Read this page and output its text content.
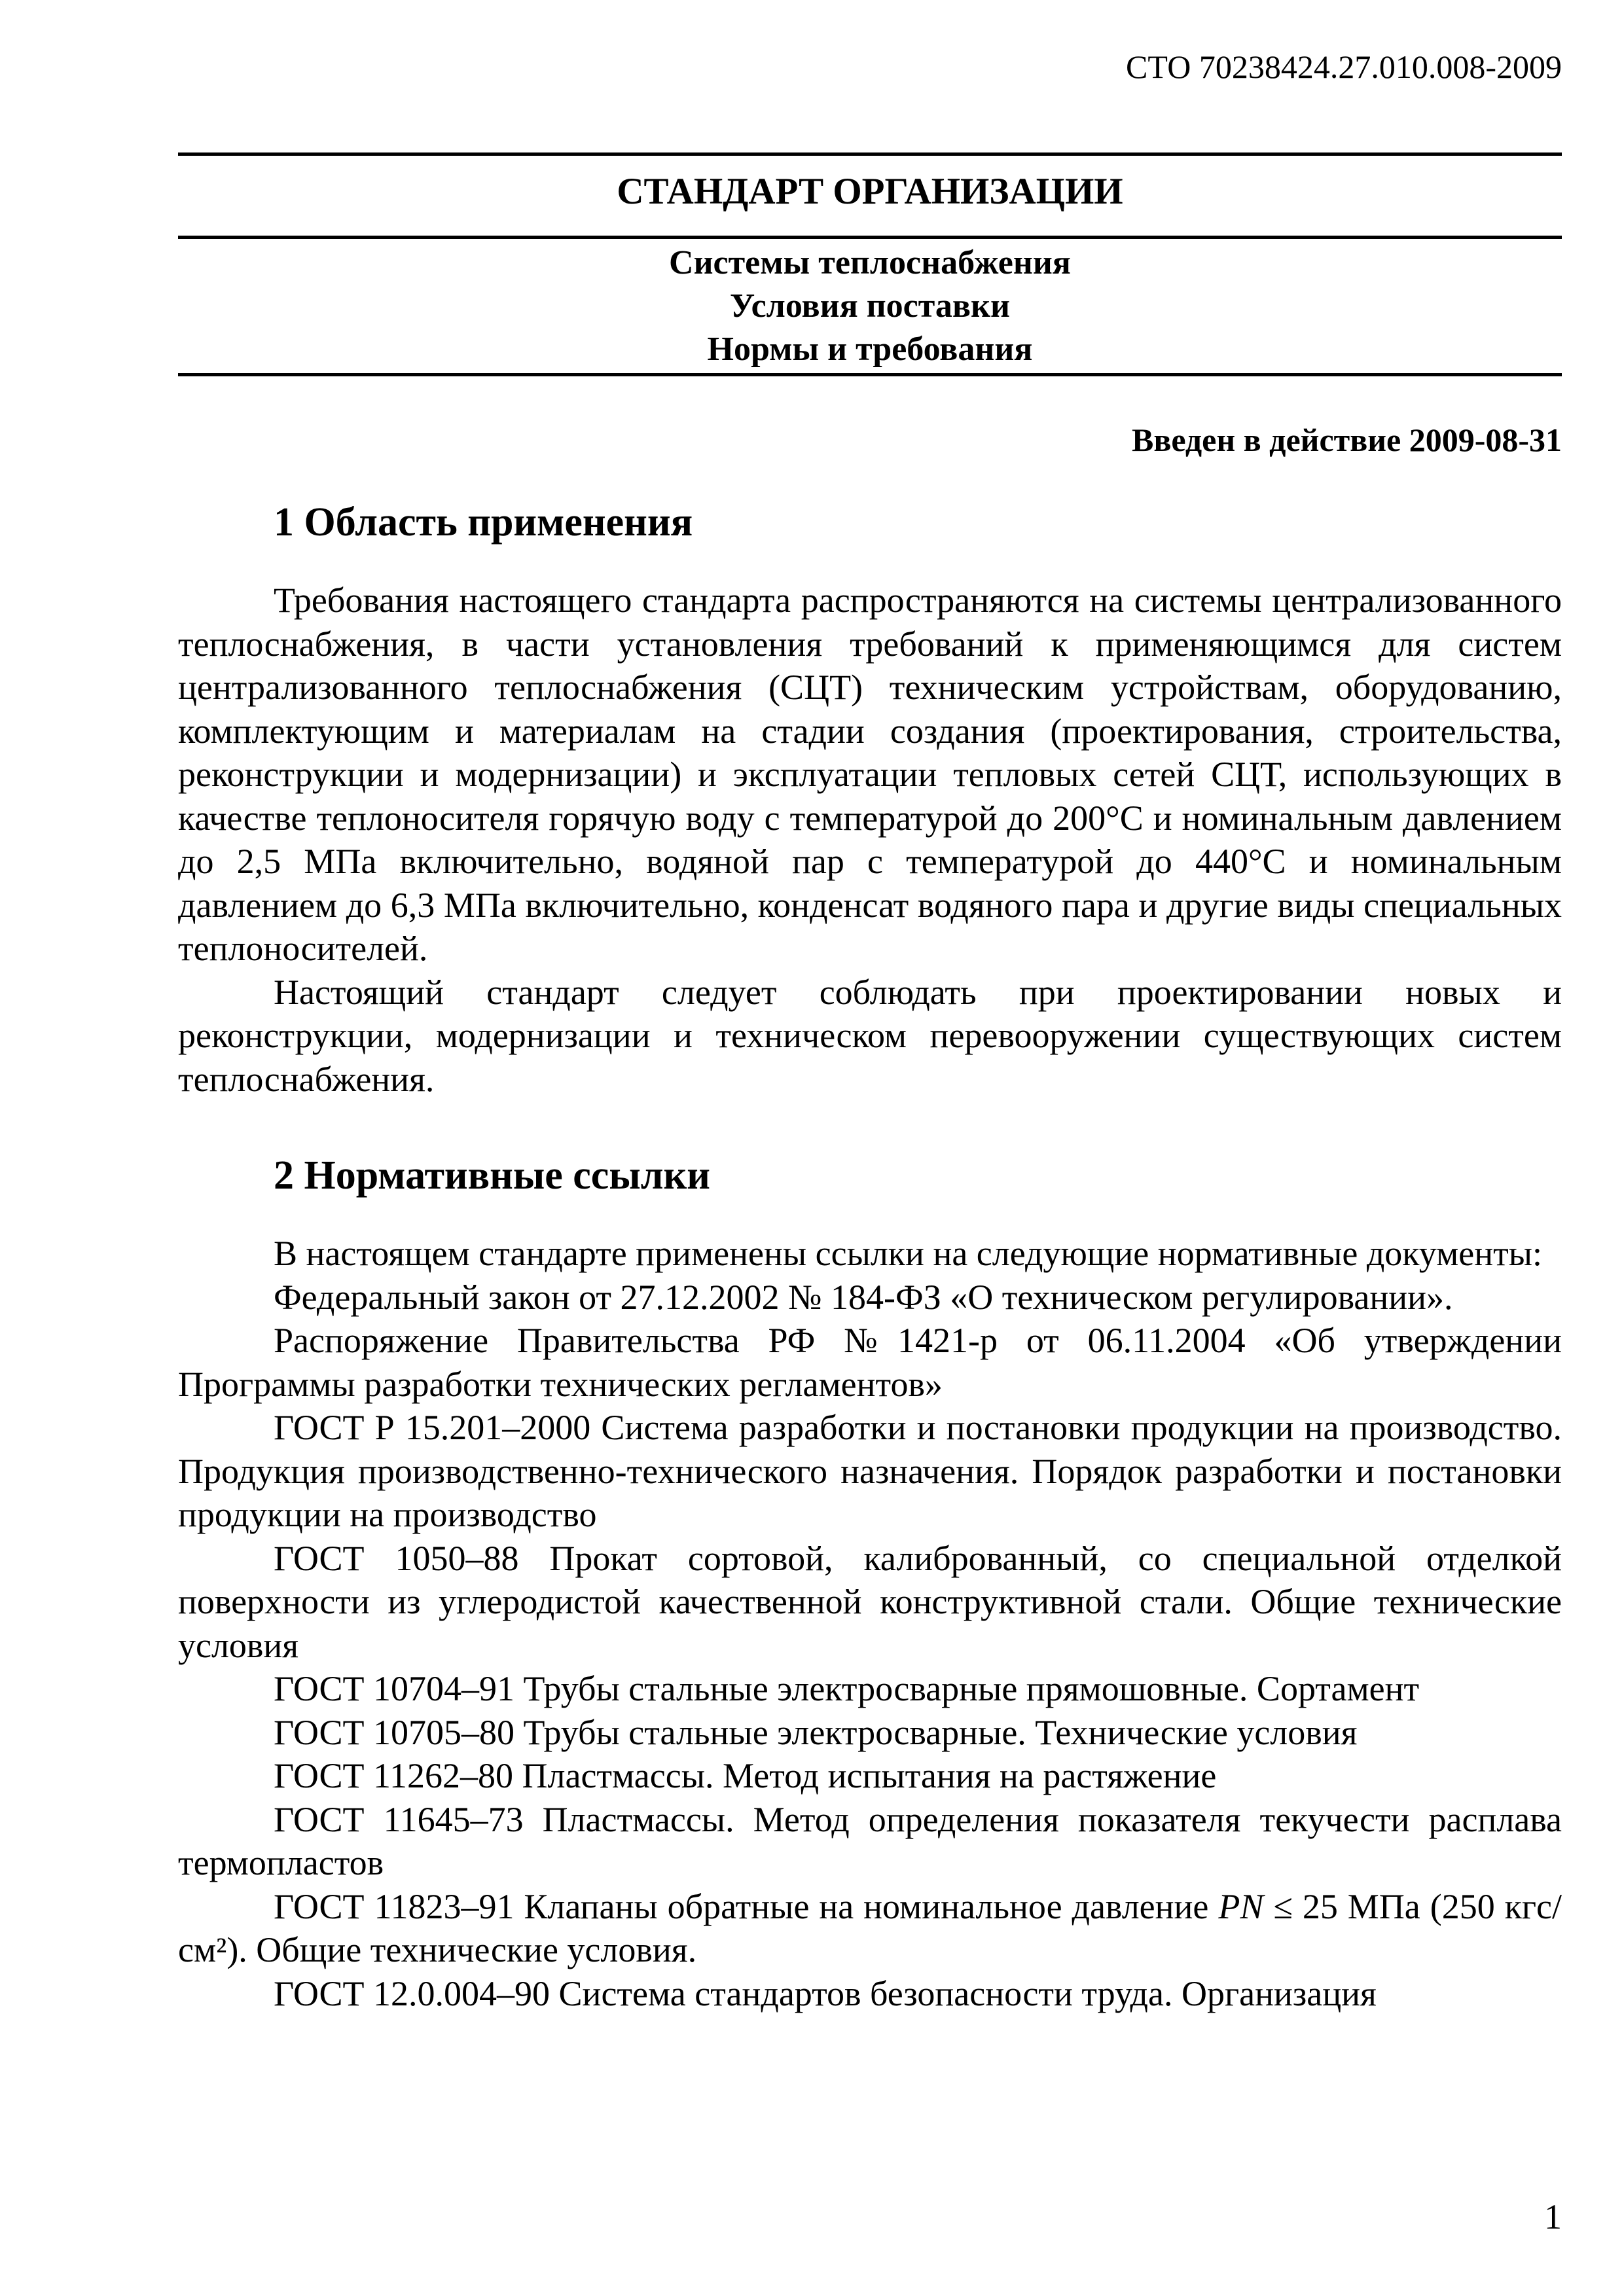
СТО 70238424.27.010.008-2009
СТАНДАРТ ОРГАНИЗАЦИИ
Системы теплоснабжения
Условия поставки
Нормы и требования
Введен в действие 2009-08-31
1 Область применения

Требования настоящего стандарта распространяются на системы централизованного теплоснабжения, в части установления требований к применяющимся для систем централизованного теплоснабжения (СЦТ) техническим устройствам, оборудованию, комплектующим и материалам на стадии создания (проектирования, строительства, реконструкции и модернизации) и эксплуатации тепловых сетей СЦТ, использующих в качестве теплоносителя горячую воду с температурой до 200°С и номинальным давлением до 2,5 МПа включительно, водяной пар с температурой до 440°С и номинальным давлением до 6,3 МПа включительно, конденсат водяного пара и другие виды специальных теплоносителей.

Настоящий стандарт следует соблюдать при проектировании новых и реконструкции, модернизации и техническом перевооружении существующих систем теплоснабжения.

2 Нормативные ссылки

В настоящем стандарте применены ссылки на следующие нормативные документы:

Федеральный закон от 27.12.2002 № 184-ФЗ «О техническом регулировании».

Распоряжение Правительства РФ №1421-р от 06.11.2004 «Об утверждении Программы разработки технических регламентов»

ГОСТ Р 15.201–2000 Система разработки и постановки продукции на производство. Продукция производственно-технического назначения. Порядок разработки и постановки продукции на производство

ГОСТ 1050–88 Прокат сортовой, калиброванный, со специальной отделкой поверхности из углеродистой качественной конструктивной стали. Общие технические условия

ГОСТ 10704–91 Трубы стальные электросварные прямошовные. Сортамент

ГОСТ 10705–80 Трубы стальные электросварные. Технические условия

ГОСТ 11262–80 Пластмассы. Метод испытания на растяжение

ГОСТ 11645–73 Пластмассы. Метод определения показателя текучести расплава термопластов

ГОСТ 11823–91 Клапаны обратные на номинальное давление PN ≤ 25 МПа (250 кгс/см²). Общие технические условия.

ГОСТ 12.0.004–90 Система стандартов безопасности труда. Организация

1
